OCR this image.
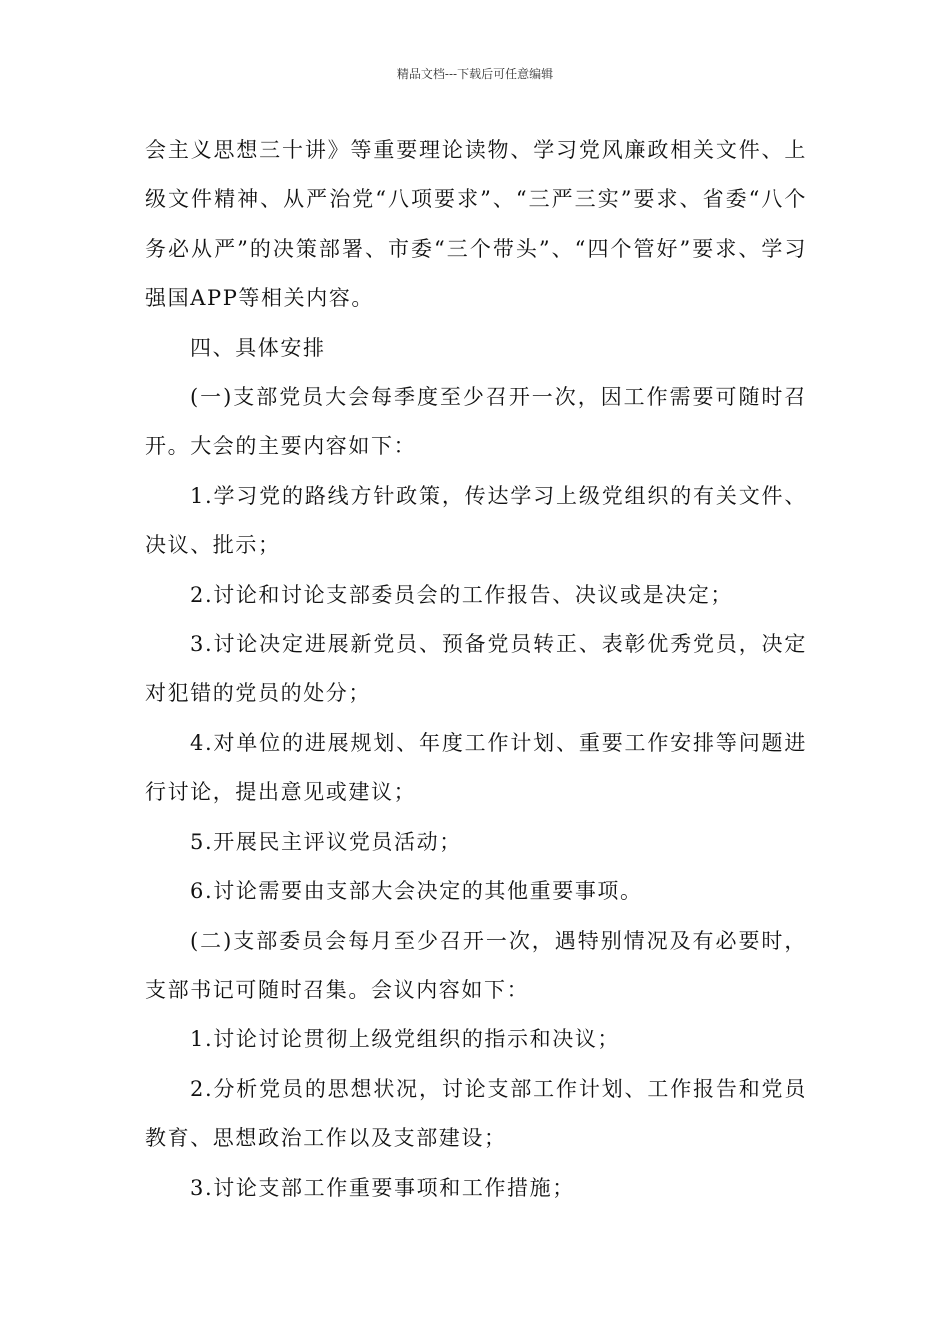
精品文档---下载后可任意编辑

会主义思想三十讲》等重要理论读物、学习党风廉政相关文件、上级文件精神、从严治党“八项要求”、“三严三实”要求、省委“八个务必从严”的决策部署、市委“三个带头”、“四个管好”要求、学习强国APP等相关内容。

四、具体安排

(一)支部党员大会每季度至少召开一次，因工作需要可随时召开。大会的主要内容如下：

1.学习党的路线方针政策，传达学习上级党组织的有关文件、决议、批示；

2.讨论和讨论支部委员会的工作报告、决议或是决定；

3.讨论决定进展新党员、预备党员转正、表彰优秀党员，决定对犯错的党员的处分；

4.对单位的进展规划、年度工作计划、重要工作安排等问题进行讨论，提出意见或建议；

5.开展民主评议党员活动；

6.讨论需要由支部大会决定的其他重要事项。

(二)支部委员会每月至少召开一次，遇特别情况及有必要时，支部书记可随时召集。会议内容如下：

1.讨论讨论贯彻上级党组织的指示和决议；

2.分析党员的思想状况，讨论支部工作计划、工作报告和党员教育、思想政治工作以及支部建设；

3.讨论支部工作重要事项和工作措施；
